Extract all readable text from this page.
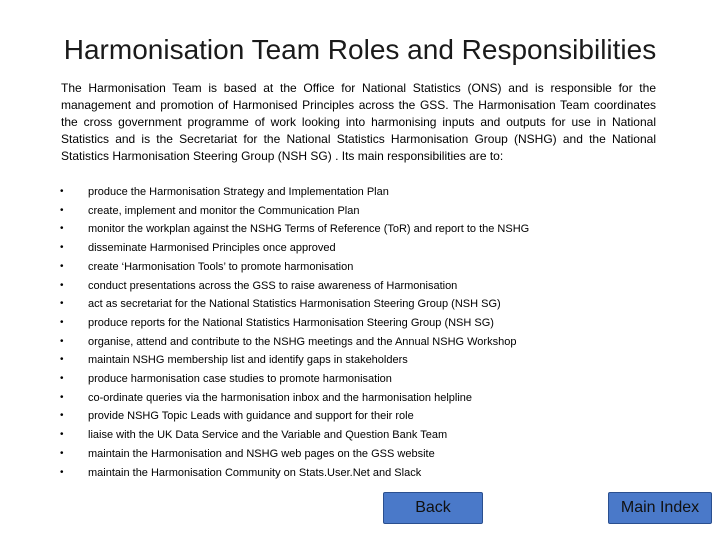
Harmonisation Team Roles and Responsibilities

The Harmonisation Team is based at the Office for National Statistics (ONS) and is responsible for the management and promotion of Harmonised Principles across the GSS. The Harmonisation Team coordinates the cross government programme of work looking into harmonising inputs and outputs for use in National Statistics and is the Secretariat for the National Statistics Harmonisation Group (NSHG) and the National Statistics Harmonisation Steering Group (NSH SG) . Its main responsibilities are to:

• produce the Harmonisation Strategy and Implementation Plan
• create, implement and monitor the Communication Plan
• monitor the workplan against the NSHG Terms of Reference (ToR) and report to the NSHG
• disseminate Harmonised Principles once approved
• create ‘Harmonisation Tools’ to promote harmonisation
• conduct presentations across the GSS to raise awareness of Harmonisation
• act as secretariat for the National Statistics Harmonisation Steering Group (NSH SG)
• produce reports for the National Statistics Harmonisation Steering Group (NSH SG)
• organise, attend and contribute to the NSHG meetings and the Annual NSHG Workshop
• maintain NSHG membership list and identify gaps in stakeholders
• produce harmonisation case studies to promote harmonisation
• co-ordinate queries via the harmonisation inbox and the harmonisation helpline
• provide NSHG Topic Leads with guidance and support for their role
• liaise with the UK Data Service and the Variable and Question Bank Team
• maintain the Harmonisation and NSHG web pages on the GSS website
• maintain the Harmonisation Community on Stats.User.Net and Slack
Back	Main Index
